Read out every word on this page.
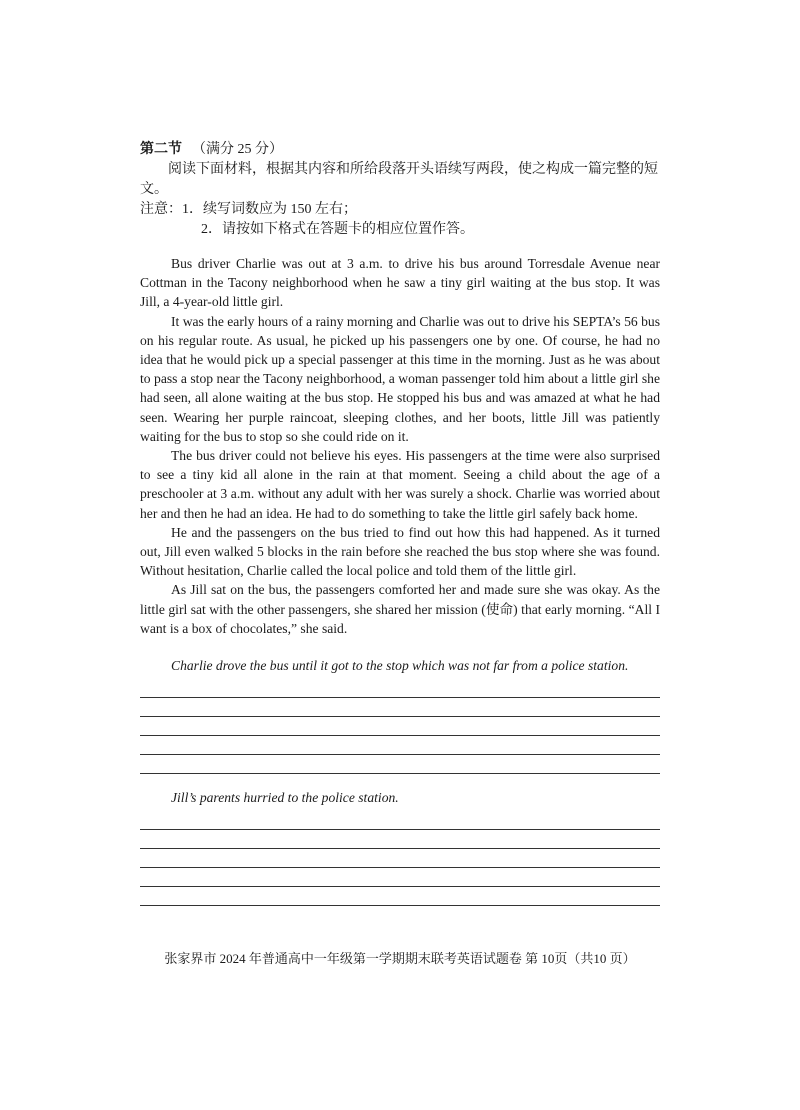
第二节 （满分 25 分）

阅读下面材料，根据其内容和所给段落开头语续写两段，使之构成一篇完整的短文。

注意：1．续写词数应为 150 左右；
2．请按如下格式在答题卡的相应位置作答。

Bus driver Charlie was out at 3 a.m. to drive his bus around Torresdale Avenue near Cottman in the Tacony neighborhood when he saw a tiny girl waiting at the bus stop. It was Jill, a 4-year-old little girl.

It was the early hours of a rainy morning and Charlie was out to drive his SEPTA’s 56 bus on his regular route. As usual, he picked up his passengers one by one. Of course, he had no idea that he would pick up a special passenger at this time in the morning. Just as he was about to pass a stop near the Tacony neighborhood, a woman passenger told him about a little girl she had seen, all alone waiting at the bus stop. He stopped his bus and was amazed at what he had seen. Wearing her purple raincoat, sleeping clothes, and her boots, little Jill was patiently waiting for the bus to stop so she could ride on it.

The bus driver could not believe his eyes. His passengers at the time were also surprised to see a tiny kid all alone in the rain at that moment. Seeing a child about the age of a preschooler at 3 a.m. without any adult with her was surely a shock. Charlie was worried about her and then he had an idea. He had to do something to take the little girl safely back home.

He and the passengers on the bus tried to find out how this had happened. As it turned out, Jill even walked 5 blocks in the rain before she reached the bus stop where she was found. Without hesitation, Charlie called the local police and told them of the little girl.

As Jill sat on the bus, the passengers comforted her and made sure she was okay. As the little girl sat with the other passengers, she shared her mission (使命) that early morning. “All I want is a box of chocolates,” she said.

Charlie drove the bus until it got to the stop which was not far from a police station.

Jill’s parents hurried to the police station.

张家界市 2024 年普通高中一年级第一学期期末联考英语试题卷 第 10页（共10 页）
